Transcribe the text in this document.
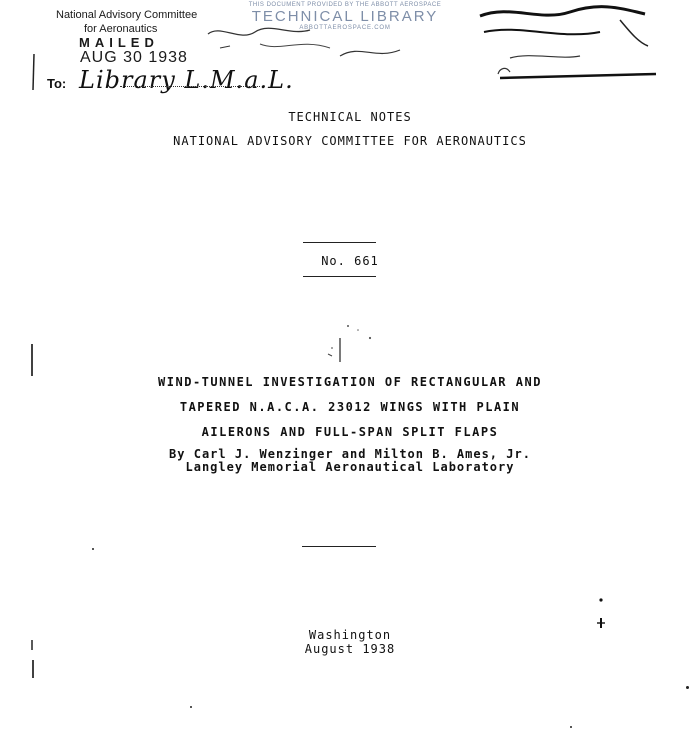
National Advisory Committee
for Aeronautics
MAILED
AUG 30 1938
To: Library L.M.a.L.
THIS DOCUMENT PROVIDED BY THE ABBOTT AEROSPACE
TECHNICAL LIBRARY
ABBOTTAEROSPACE.COM
TECHNICAL NOTES
NATIONAL ADVISORY COMMITTEE FOR AERONAUTICS
No. 661
WIND-TUNNEL INVESTIGATION OF RECTANGULAR AND
TAPERED N.A.C.A. 23012 WINGS WITH PLAIN
AILERONS AND FULL-SPAN SPLIT FLAPS
By Carl J. Wenzinger and Milton B. Ames, Jr.
Langley Memorial Aeronautical Laboratory
Washington
August 1938
